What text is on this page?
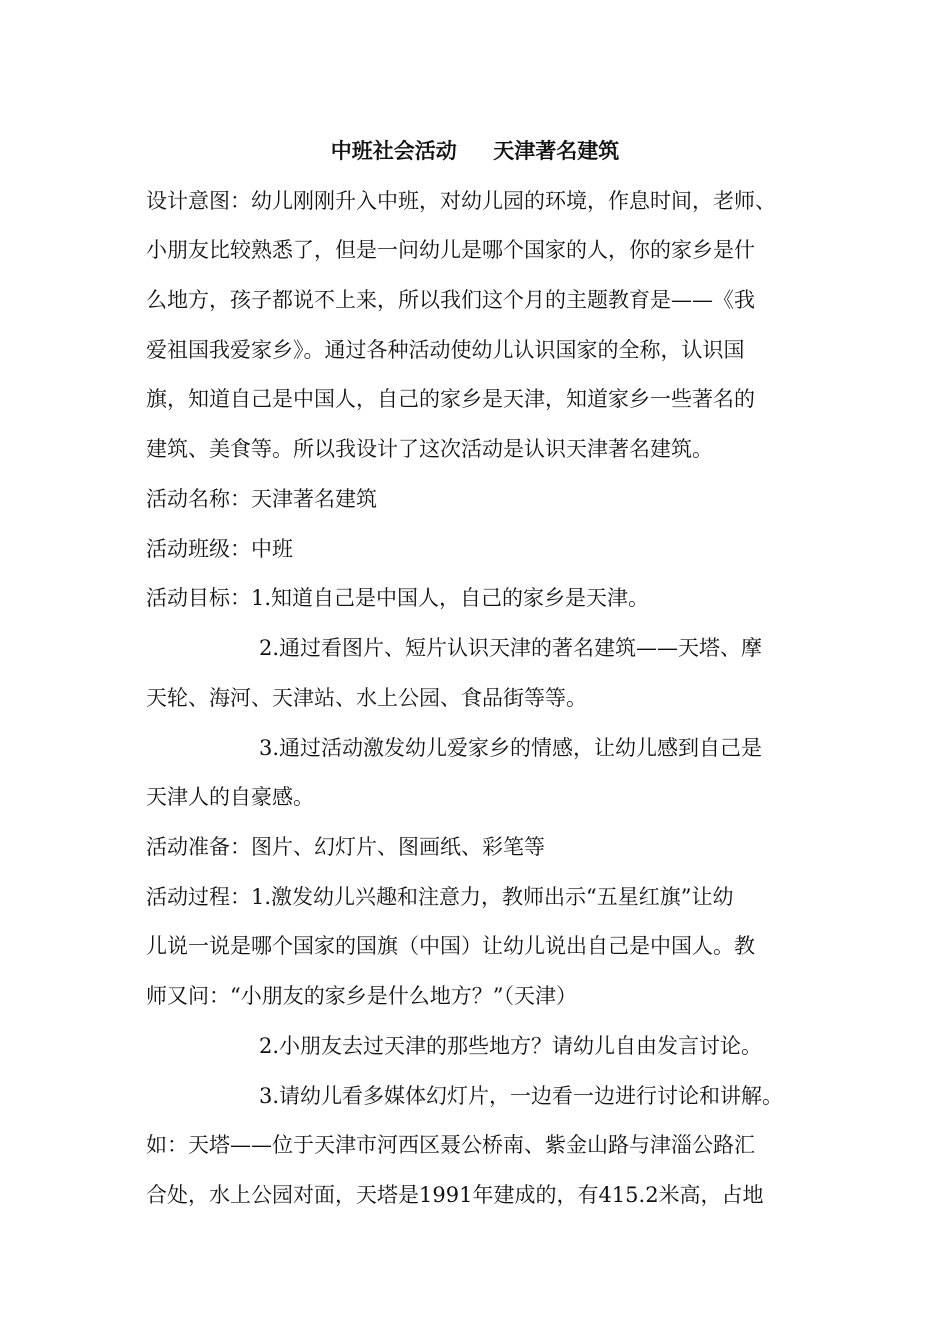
中班社会活动     天津著名建筑
设计意图：幼儿刚刚升入中班，对幼儿园的环境，作息时间，老师、
小朋友比较熟悉了，但是一问幼儿是哪个国家的人，你的家乡是什
么地方，孩子都说不上来，所以我们这个月的主题教育是——《我
爱祖国我爱家乡》。通过各种活动使幼儿认识国家的全称，认识国
旗，知道自己是中国人，自己的家乡是天津，知道家乡一些著名的
建筑、美食等。所以我设计了这次活动是认识天津著名建筑。
活动名称：天津著名建筑
活动班级：中班
活动目标：1.知道自己是中国人，自己的家乡是天津。
2.通过看图片、短片认识天津的著名建筑——天塔、摩
天轮、海河、天津站、水上公园、食品街等等。
3.通过活动激发幼儿爱家乡的情感，让幼儿感到自己是
天津人的自豪感。
活动准备：图片、幻灯片、图画纸、彩笔等
活动过程：1.激发幼儿兴趣和注意力，教师出示“五星红旗”让幼
儿说一说是哪个国家的国旗（中国）让幼儿说出自己是中国人。教
师又问：“小朋友的家乡是什么地方？”（天津）
2.小朋友去过天津的那些地方？请幼儿自由发言讨论。
3.请幼儿看多媒体幻灯片，一边看一边进行讨论和讲解。
如：天塔——位于天津市河西区聂公桥南、紫金山路与津淄公路汇
合处，水上公园对面，天塔是1991年建成的，有415.2米高，占地
